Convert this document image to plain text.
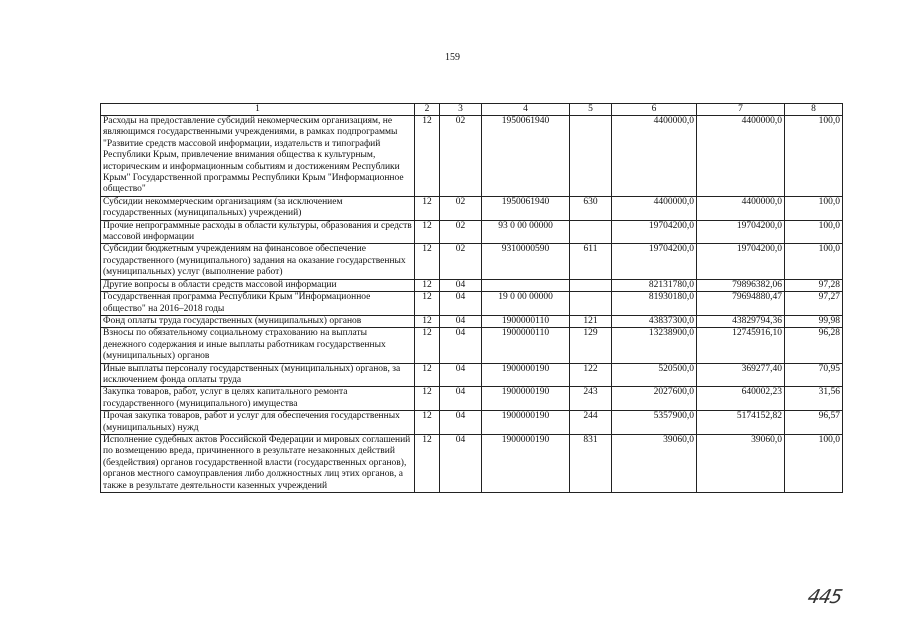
159
1	2	3	4	5	6	7	8
Расходы на предоставление субсидий некомерческим организациям, не являющимся государственными учреждениями, в рамках подпрограммы "Развитие средств массовой информации, издательств и типографий Республики Крым, привлечение внимания общества к культурным, историческим и информационным событиям и достижениям Республики Крым" Государственной программы Республики Крым "Информационное общество"	12	02	1950061940		4400000,0	4400000,0	100,0
Субсидии некоммерческим организациям (за исключением государственных (муниципальных) учреждений)	12	02	1950061940	630	4400000,0	4400000,0	100,0
Прочие непрограммные расходы в области культуры, образования и средств массовой информации	12	02	93 0 00 00000		19704200,0	19704200,0	100,0
Субсидии бюджетным учреждениям на финансовое обеспечение государственного (муниципального) задания на оказание государственных (муниципальных) услуг (выполнение работ)	12	02	9310000590	611	19704200,0	19704200,0	100,0
Другие вопросы в области средств массовой информации	12	04			82131780,0	79896382,06	97,28
Государственная программа Республики Крым "Информационное общество" на 2016–2018 годы	12	04	19 0 00 00000		81930180,0	79694880,47	97,27
Фонд оплаты труда государственных (муниципальных) органов	12	04	1900000110	121	43837300,0	43829794,36	99,98
Взносы по обязательному социальному страхованию на выплаты денежного содержания и иные выплаты работникам государственных (муниципальных) органов	12	04	1900000110	129	13238900,0	12745916,10	96,28
Иные выплаты персоналу государственных (муниципальных) органов, за исключением фонда оплаты труда	12	04	1900000190	122	520500,0	369277,40	70,95
Закупка товаров, работ, услуг в целях капитального ремонта государственного (муниципального) имущества	12	04	1900000190	243	2027600,0	640002,23	31,56
Прочая закупка товаров, работ и услуг для обеспечения государственных (муниципальных) нужд	12	04	1900000190	244	5357900,0	5174152,82	96,57
Исполнение судебных актов Российской Федерации и мировых соглашений по возмещению вреда, причиненного в результате незаконных действий (бездействия) органов государственной власти (государственных органов), органов местного самоуправления либо должностных лиц этих органов, а также в результате деятельности казенных учреждений	12	04	1900000190	831	39060,0	39060,0	100,0
445
